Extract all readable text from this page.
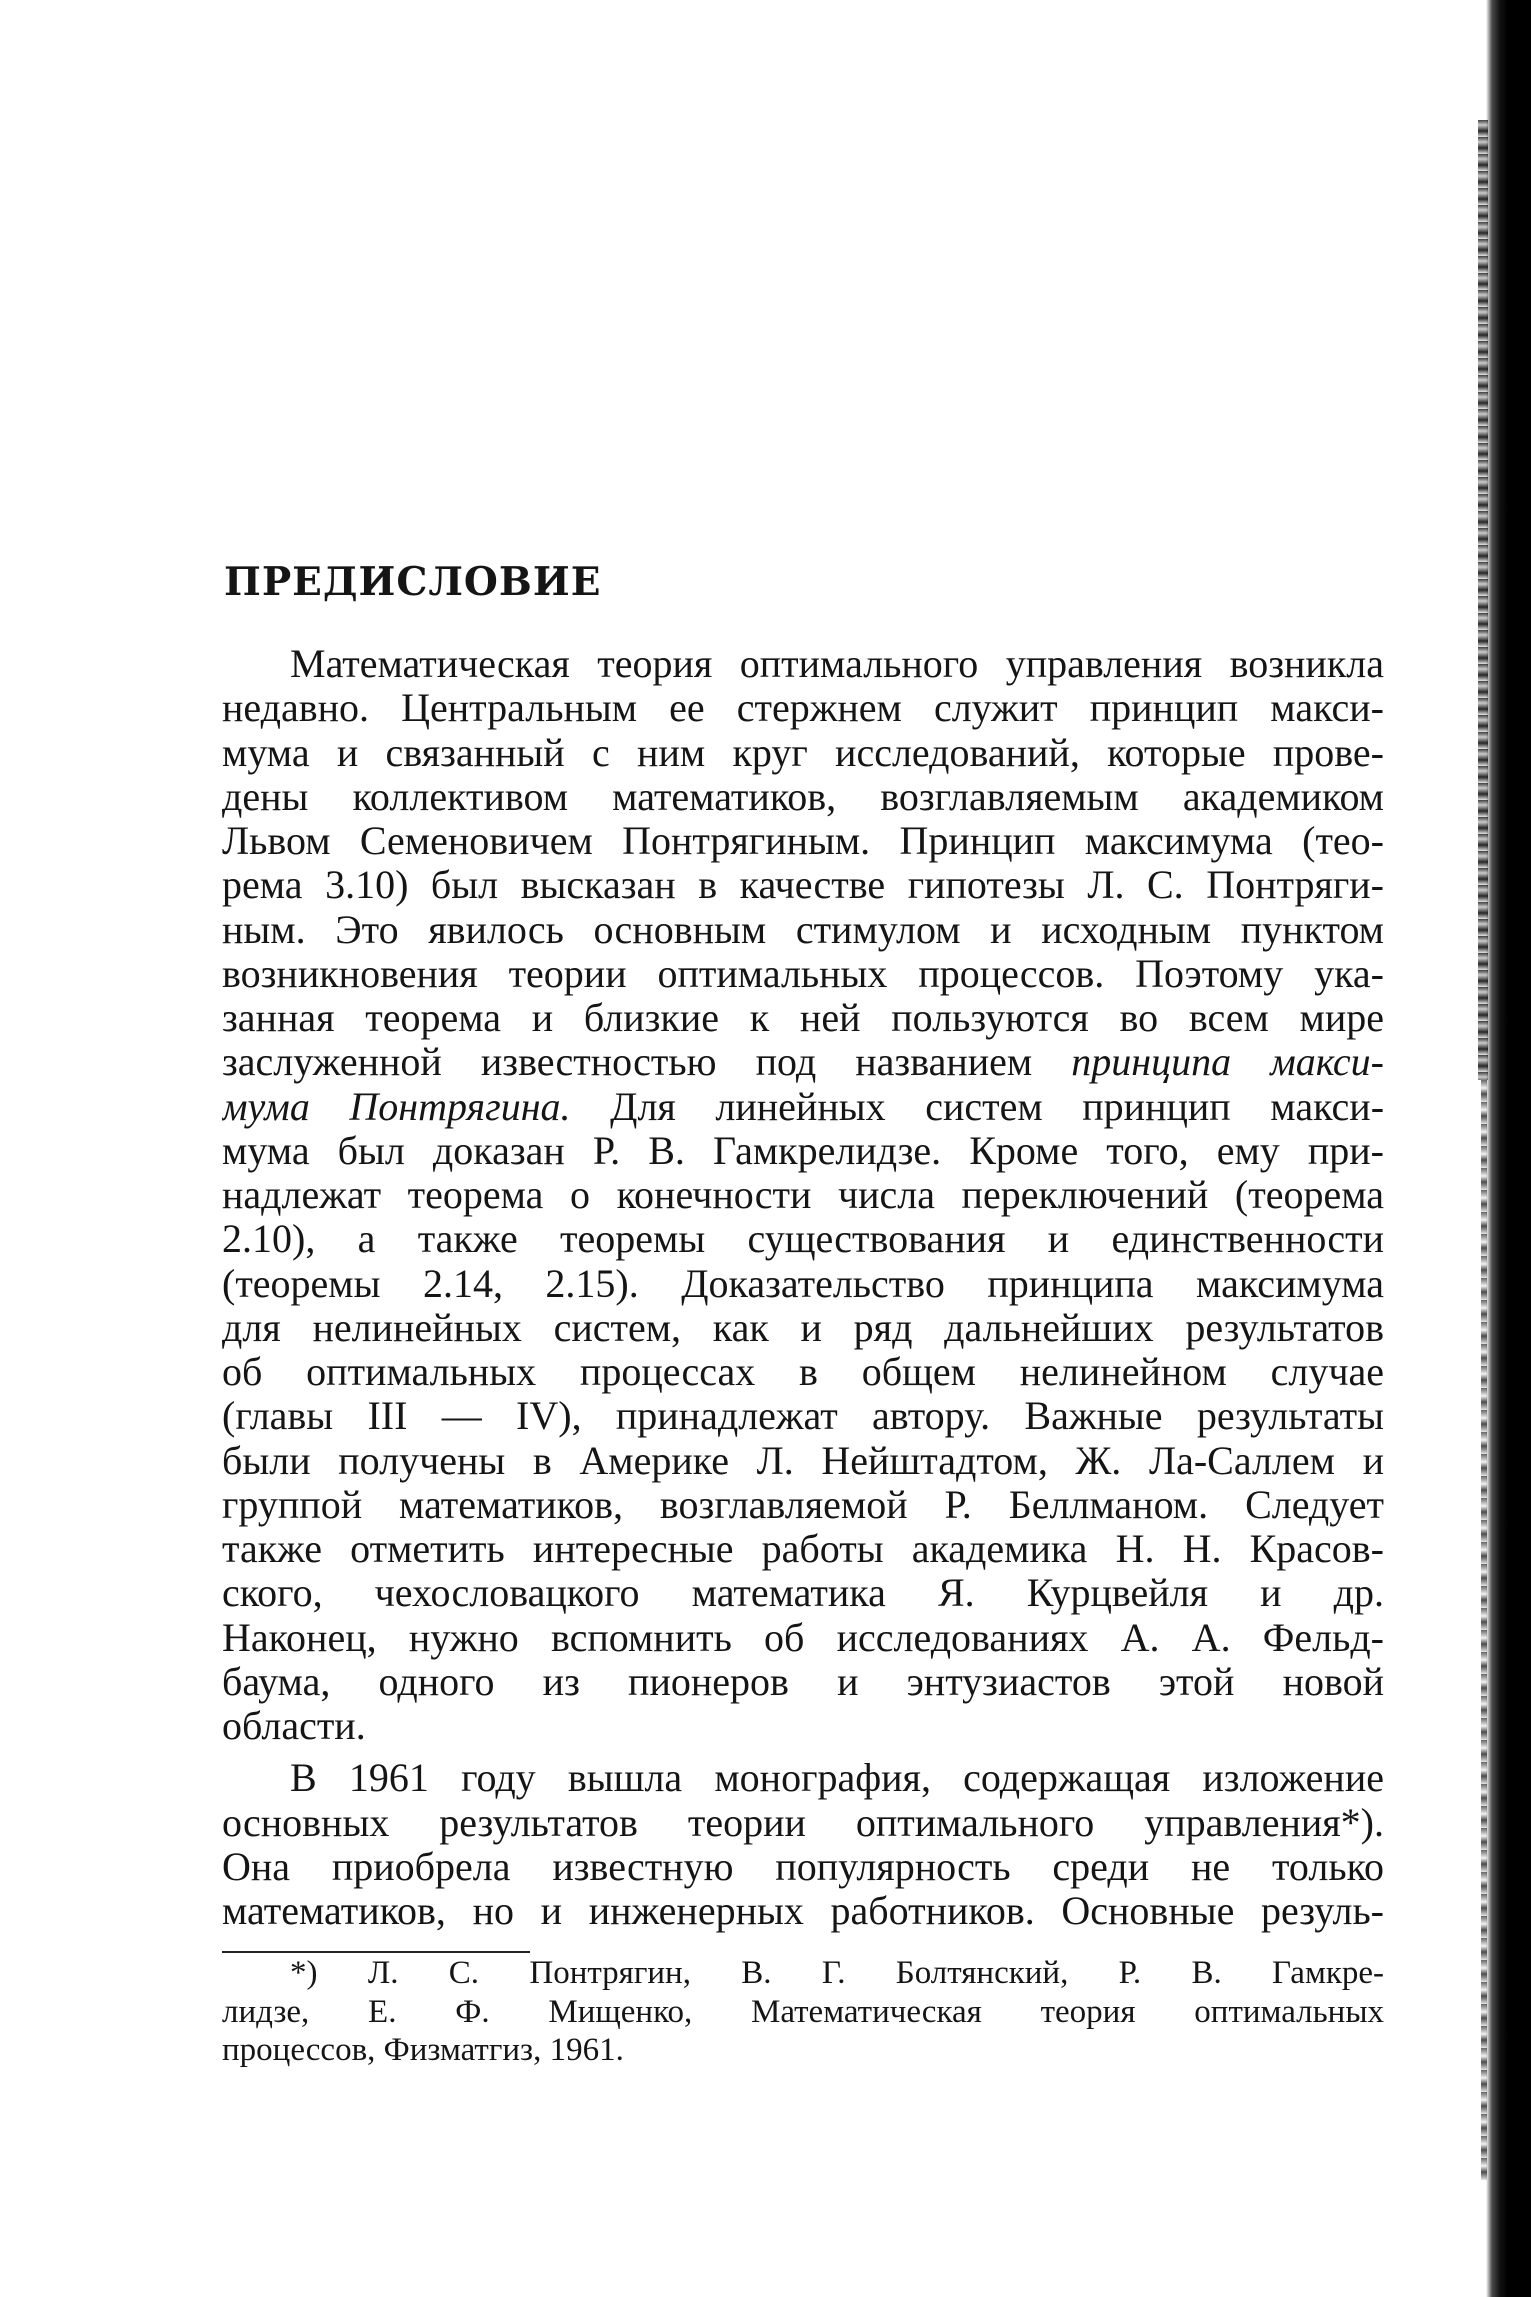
ПРЕДИСЛОВИЕ
Математическая теория оптимального управления возникла
недавно. Центральным ее стержнем служит принцип макси-
мума и связанный с ним круг исследований, которые прове-
дены коллективом математиков, возглавляемым академиком
Львом Семеновичем Понтрягиным. Принцип максимума (тео-
рема 3.10) был высказан в качестве гипотезы Л. С. Понтряги-
ным. Это явилось основным стимулом и исходным пунктом
возникновения теории оптимальных процессов. Поэтому ука-
занная теорема и близкие к ней пользуются во всем мире
заслуженной известностью под названием принципа макси-
мума Понтрягина. Для линейных систем принцип макси-
мума был доказан Р. В. Гамкрелидзе. Кроме того, ему при-
надлежат теорема о конечности числа переключений (теорема
2.10), а также теоремы существования и единственности
(теоремы 2.14, 2.15). Доказательство принципа максимума
для нелинейных систем, как и ряд дальнейших результатов
об оптимальных процессах в общем нелинейном случае
(главы III — IV), принадлежат автору. Важные результаты
были получены в Америке Л. Нейштадтом, Ж. Ла-Саллем и
группой математиков, возглавляемой Р. Беллманом. Следует
также отметить интересные работы академика Н. Н. Красов-
ского, чехословацкого математика Я. Курцвейля и др.
Наконец, нужно вспомнить об исследованиях А. А. Фельд-
баума, одного из пионеров и энтузиастов этой новой
области.
В 1961 году вышла монография, содержащая изложение
основных результатов теории оптимального управления*).
Она приобрела известную популярность среди не только
математиков, но и инженерных работников. Основные резуль-
*) Л. С. Понтрягин, В. Г. Болтянский, Р. В. Гамкре-
лидзе, Е. Ф. Мищенко, Математическая теория оптимальных
процессов, Физматгиз, 1961.
